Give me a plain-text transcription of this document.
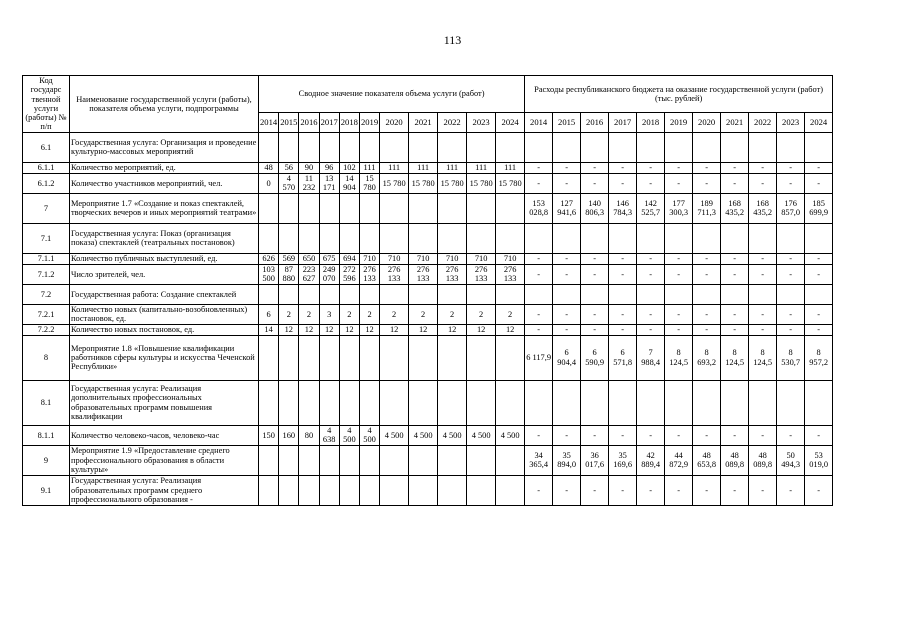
113
Код государс твенной услуги (работы) № п/п	Наименование государственной услуги (работы), показателя объема услуги, подпрограммы	Сводное значение показателя объема услуги (работ)											Расходы республиканского бюджета на оказание государственной услуги (работ) (тыс. рублей)										
		2014	2015	2016	2017	2018	2019	2020	2021	2022	2023	2024	2014	2015	2016	2017	2018	2019	2020	2021	2022	2023	2024
6.1	Государственная услуга: Организация и проведение культурно-массовых мероприятий																						
6.1.1	Количество мероприятий, ед.	48	56	90	96	102	111	111	111	111	111	111	-	-	-	-	-	-	-	-	-	-	-
6.1.2	Количество участников мероприятий, чел.	0	4 570	11 232	13 171	14 904	15 780	15 780	15 780	15 780	15 780	15 780	-	-	-	-	-	-	-	-	-	-	-
7	Мероприятие 1.7 «Создание и показ спектаклей, творческих вечеров и иных мероприятий театрами»												153 028,8	127 941,6	140 806,3	146 784,3	142 525,7	177 300,3	189 711,3	168 435,2	168 435,2	176 857,0	185 699,9
7.1	Государственная услуга: Показ (организация показа) спектаклей (театральных постановок)																						
7.1.1	Количество публичных выступлений, ед.	626	569	650	675	694	710	710	710	710	710	710	-	-	-	-	-	-	-	-	-	-	-
7.1.2	Число зрителей, чел.	103 500	87 880	223 627	249 070	272 596	276 133	276 133	276 133	276 133	276 133	276 133	-	-	-	-	-	-	-	-	-	-	-
7.2	Государственная работа: Создание спектаклей																						
7.2.1	Количество новых (капитально-возобновленных) постановок, ед.	6	2	2	3	2	2	2	2	2	2	2	-	-	-	-	-	-	-	-	-	-	-
7.2.2	Количество новых постановок, ед.	14	12	12	12	12	12	12	12	12	12	12	-	-	-	-	-	-	-	-	-	-	-
8	Мероприятие 1.8 «Повышение квалификации работников сферы культуры и искусства Чеченской Республики»												6 117,9	6 904,4	6 590,9	6 571,8	7 988,4	8 124,5	8 693,2	8 124,5	8 124,5	8 530,7	8 957,2
8.1	Государственная услуга: Реализация дополнительных профессиональных образовательных программ повышения квалификации																						
8.1.1	Количество человеко-часов, человеко-час	150	160	80	4 638	4 500	4 500	4 500	4 500	4 500	4 500	4 500	-	-	-	-	-	-	-	-	-	-	-
9	Мероприятие 1.9 «Предоставление среднего профессионального образования в области культуры»												34 365,4	35 894,0	36 017,6	35 169,6	42 889,4	44 872,9	48 653,8	48 089,8	48 089,8	50 494,3	53 019,0
9.1	Государственная услуга: Реализация образовательных программ среднего профессионального образования -												-	-	-	-	-	-	-	-	-	-	-
